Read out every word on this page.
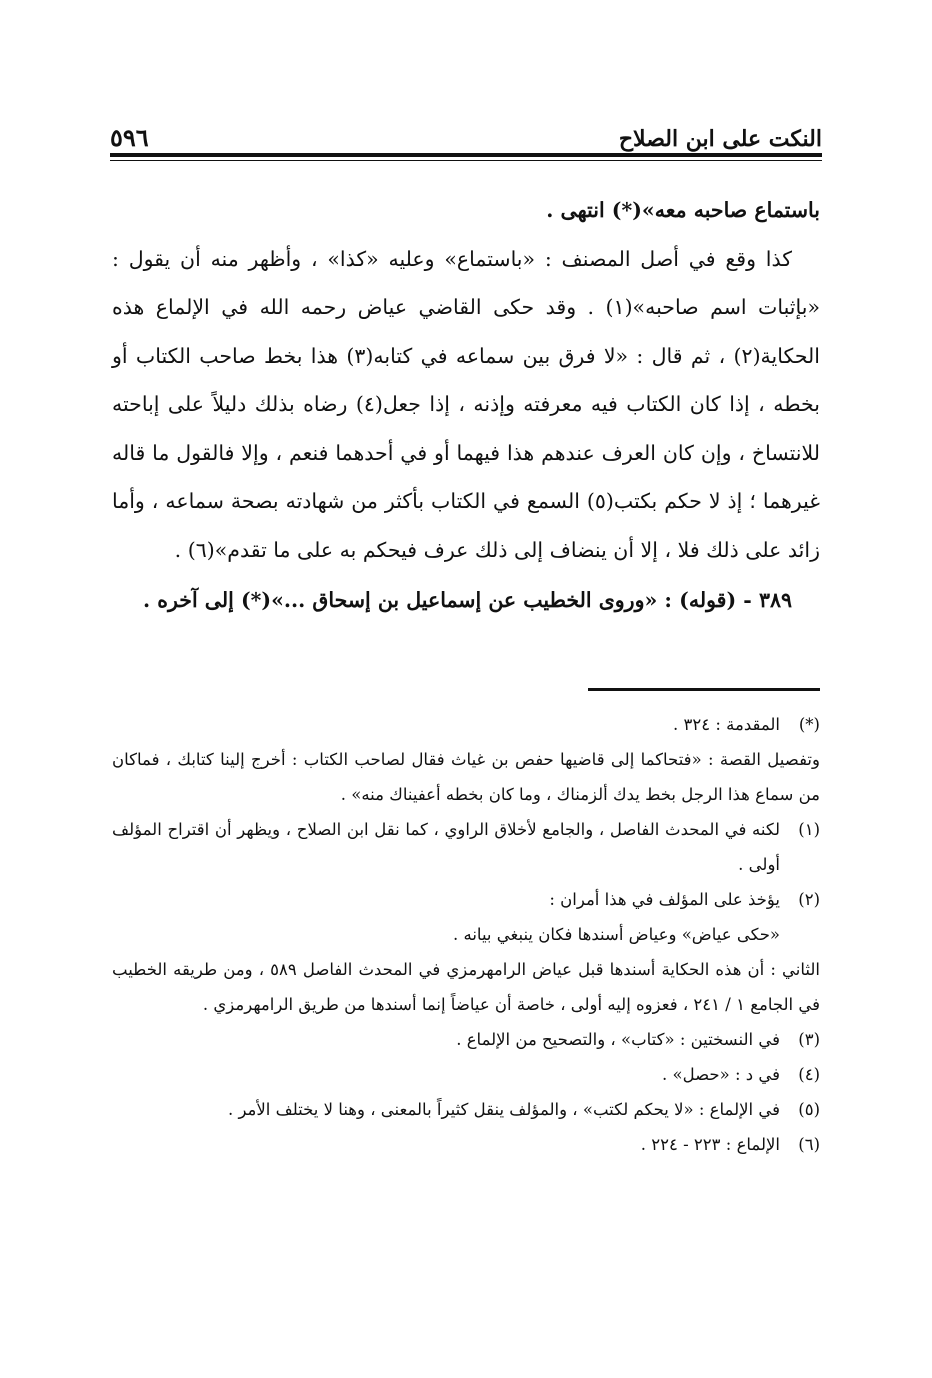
٥٩٦	النكت على ابن الصلاح

باستماع صاحبه معه»(*) انتهى .

كذا وقع في أصل المصنف : «باستماع» وعليه «كذا» ، وأظهر منه أن يقول : «بإثبات اسم صاحبه»(١) . وقد حكى القاضي عياض رحمه الله في الإلماع هذه الحكاية(٢) ، ثم قال : «لا فرق بين سماعه في كتابه(٣) هذا بخط صاحب الكتاب أو بخطه ، إذا كان الكتاب فيه معرفته وإذنه ، إذا جعل(٤) رضاه بذلك دليلاً على إباحته للانتساخ ، وإن كان العرف عندهم هذا فيهما أو في أحدهما فنعم ، وإلا فالقول ما قاله غيرهما ؛ إذ لا حكم بكتب(٥) السمع في الكتاب بأكثر من شهادته بصحة سماعه ، وأما زائد على ذلك فلا ، إلا أن ينضاف إلى ذلك عرف فيحكم به على ما تقدم»(٦) .

٣٨٩ - (قوله) : «وروى الخطيب عن إسماعيل بن إسحاق ...»(*) إلى آخره .

(*)
المقدمة : ٣٢٤ .
وتفصيل القصة : «فتحاكما إلى قاضيها حفص بن غياث فقال لصاحب الكتاب : أخرج إلينا كتابك ، فماكان من سماع هذا الرجل بخط يدك ألزمناك ، وما كان بخطه أعفيناك منه» .
(١)
لكنه في المحدث الفاصل ، والجامع لأخلاق الراوي ، كما نقل ابن الصلاح ، ويظهر أن اقتراح المؤلف أولى .
(٢)
يؤخذ على المؤلف في هذا أمران :
«حكى عياض» وعياض أسندها فكان ينبغي بيانه .
الثاني : أن هذه الحكاية أسندها قبل عياض الرامهرمزي في المحدث الفاصل ٥٨٩ ، ومن طريقه الخطيب في الجامع ١ / ٢٤١ ، فعزوه إليه أولى ، خاصة أن عياضاً إنما أسندها من طريق الرامهرمزي .
(٣)
في النسختين : «كتاب» ، والتصحيح من الإلماع .
(٤)
في د : «حصل» .
(٥)
في الإلماع : «لا يحكم لكتب» ، والمؤلف ينقل كثيراً بالمعنى ، وهنا لا يختلف الأمر .
(٦)
الإلماع : ٢٢٣ - ٢٢٤ .
